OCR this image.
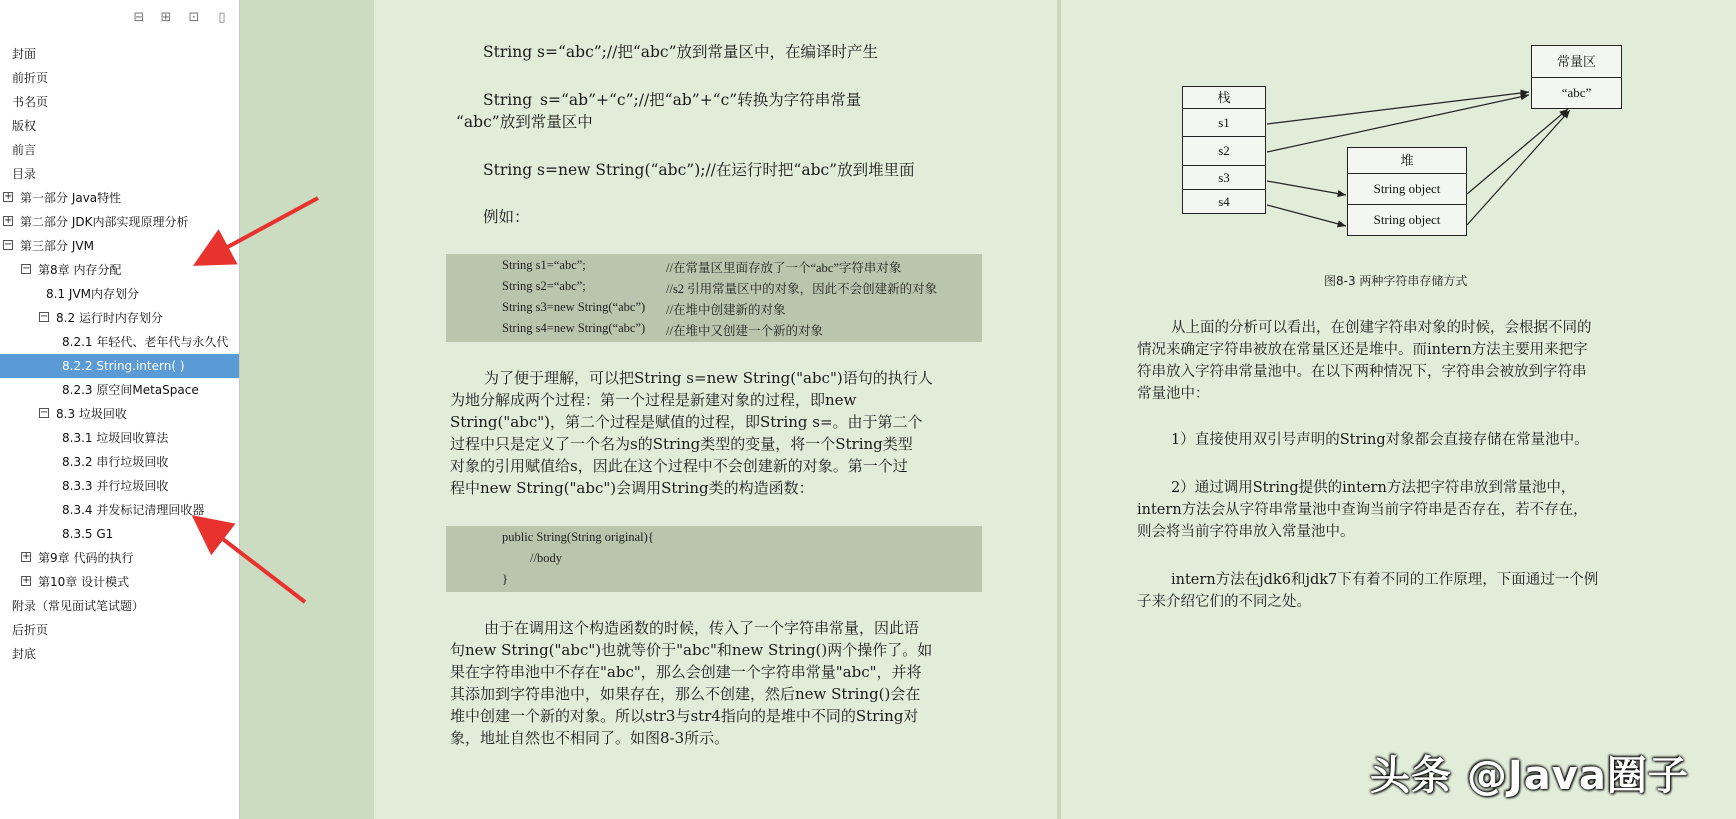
⊟ ⊞ ⊡	▯
封面
前折页
书名页
版权
前言
目录
+ 第一部分 Java特性
+ 第二部分 JDK内部实现原理分析
− 第三部分 JVM
− 第8章 内存分配
8.1 JVM内存划分
− 8.2 运行时内存划分
8.2.1 年轻代、老年代与永久代
8.2.2 String.intern( )
8.2.3 原空间MetaSpace
− 8.3 垃圾回收
8.3.1 垃圾回收算法
8.3.2 串行垃圾回收
8.3.3 并行垃圾回收
8.3.4 并发标记清理回收器
8.3.5 G1
+ 第9章 代码的执行
+ 第10章 设计模式
附录（常见面试笔试题）
后折页
封底
String s=“abc”;//把“abc”放到常量区中，在编译时产生
String s=“ab”+“c”;//把“ab”+“c”转换为字符串常量
“abc”放到常量区中
String s=new String(“abc”);//在运行时把“abc”放到堆里面
例如：
String s1=“abc”;	//在常量区里面存放了一个“abc”字符串对象
String s2=“abc”;	//s2 引用常量区中的对象，因此不会创建新的对象
String s3=new String(“abc”) //在堆中创建新的对象
String s4=new String(“abc”) //在堆中又创建一个新的对象
为了便于理解，可以把String s=new String("abc")语句的执行人
为地分解成两个过程：第一个过程是新建对象的过程，即new
String("abc")，第二个过程是赋值的过程，即String s=。由于第二个
过程中只是定义了一个名为s的String类型的变量，将一个String类型
对象的引用赋值给s，因此在这个过程中不会创建新的对象。第一个过
程中new String("abc")会调用String类的构造函数：
public String(String original){
//body
}
由于在调用这个构造函数的时候，传入了一个字符串常量，因此语
句new String("abc")也就等价于"abc"和new String()两个操作了。如
果在字符串池中不存在"abc"，那么会创建一个字符串常量"abc"，并将
其添加到字符串池中，如果存在，那么不创建，然后new String()会在
堆中创建一个新的对象。所以str3与str4指向的是堆中不同的String对
象，地址自然也不相同了。如图8-3所示。
从上面的分析可以看出，在创建字符串对象的时候，会根据不同的
情况来确定字符串被放在常量区还是堆中。而intern方法主要用来把字
符串放入字符串常量池中。在以下两种情况下，字符串会被放到字符串
常量池中：
1）直接使用双引号声明的String对象都会直接存储在常量池中。
2）通过调用String提供的intern方法把字符串放到常量池中，
intern方法会从字符串常量池中查询当前字符串是否存在，若不存在，
则会将当前字符串放入常量池中。
intern方法在jdk6和jdk7下有着不同的工作原理，下面通过一个例
子来介绍它们的不同之处。
栈
s1
s2
s3
s4
堆
String object
String object
常量区
“abc”
图8-3 两种字符串存储方式
头条 @Java圈子
